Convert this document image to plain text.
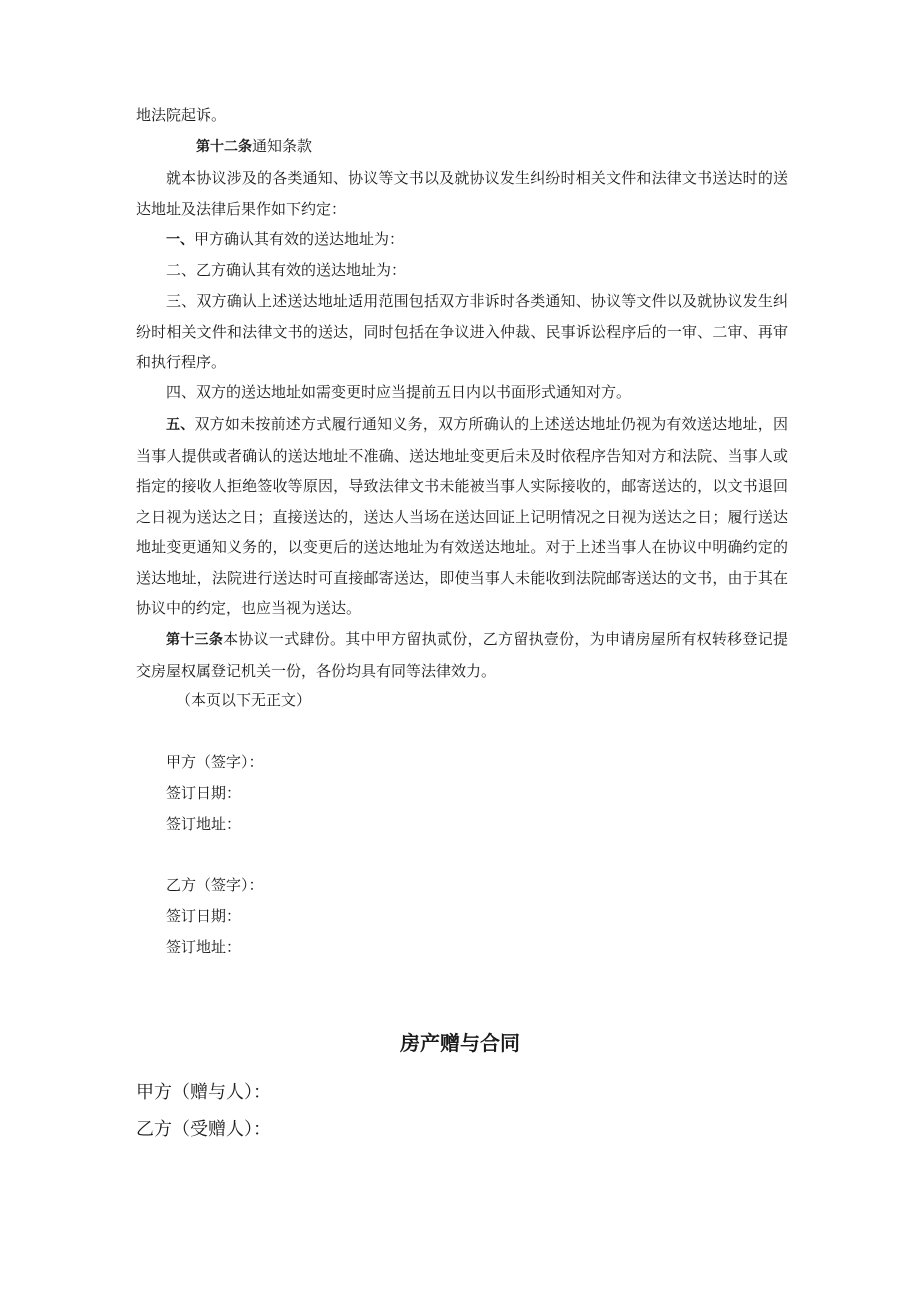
地法院起诉。

第十二条通知条款

就本协议涉及的各类通知、协议等文书以及就协议发生纠纷时相关文件和法律文书送达时的送达地址及法律后果作如下约定：

一、甲方确认其有效的送达地址为：

二、乙方确认其有效的送达地址为：

三、双方确认上述送达地址适用范围包括双方非诉时各类通知、协议等文件以及就协议发生纠纷时相关文件和法律文书的送达，同时包括在争议进入仲裁、民事诉讼程序后的一审、二审、再审和执行程序。

四、双方的送达地址如需变更时应当提前五日内以书面形式通知对方。

五、双方如未按前述方式履行通知义务，双方所确认的上述送达地址仍视为有效送达地址，因当事人提供或者确认的送达地址不准确、送达地址变更后未及时依程序告知对方和法院、当事人或指定的接收人拒绝签收等原因，导致法律文书未能被当事人实际接收的，邮寄送达的，以文书退回之日视为送达之日；直接送达的，送达人当场在送达回证上记明情况之日视为送达之日；履行送达地址变更通知义务的，以变更后的送达地址为有效送达地址。对于上述当事人在协议中明确约定的送达地址，法院进行送达时可直接邮寄送达，即使当事人未能收到法院邮寄送达的文书，由于其在协议中的约定，也应当视为送达。

第十三条本协议一式肆份。其中甲方留执贰份，乙方留执壹份，为申请房屋所有权转移登记提交房屋权属登记机关一份，各份均具有同等法律效力。

（本页以下无正文）

甲方（签字）：

签订日期：

签订地址：

乙方（签字）：

签订日期：

签订地址：

房产赠与合同

甲方（赠与人）：

乙方（受赠人）：
